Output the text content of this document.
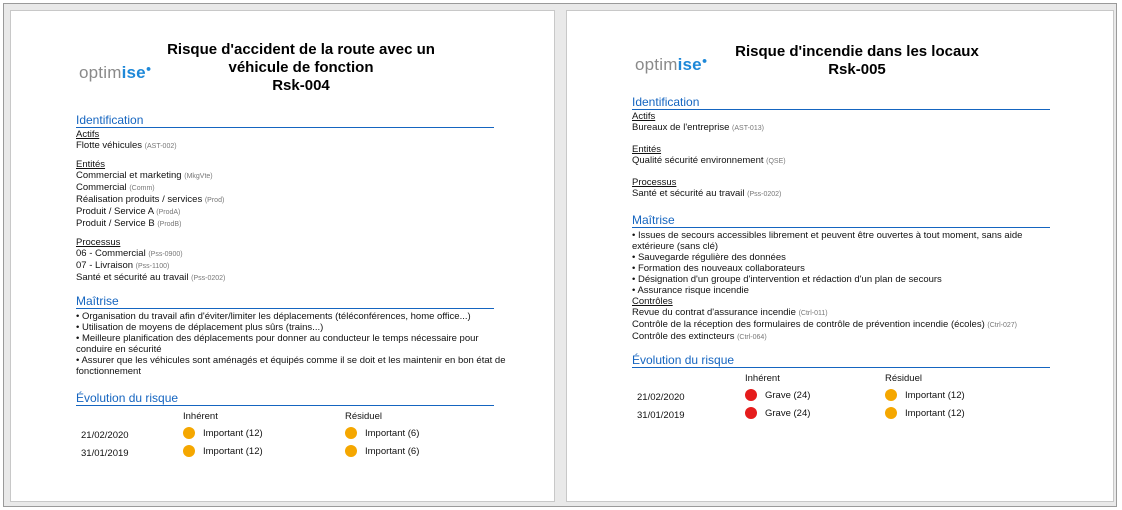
optimise●
Risque d'accident de la route avec un
véhicule de fonction
Rsk-004
Identification
Actifs
Flotte véhicules (AST-002)
Entités
Commercial et marketing (MkgVte)
Commercial (Comm)
Réalisation produits / services (Prod)
Produit / Service A (ProdA)
Produit / Service B (ProdB)
Processus
06 - Commercial (Pss-0900)
07 - Livraison (Pss-1100)
Santé et sécurité au travail (Pss-0202)
Maîtrise
• Organisation du travail afin d'éviter/limiter les déplacements (téléconférences, home office...)
• Utilisation de moyens de déplacement plus sûrs (trains...)
• Meilleure planification des déplacements pour donner au conducteur le temps nécessaire pour
conduire en sécurité
• Assurer que les véhicules sont aménagés et équipés comme il se doit et les maintenir en bon état de
fonctionnement
Évolution du risque
Inhérent	Résiduel
21/02/2020	Important (12)	Important (6)
31/01/2019	Important (12)	Important (6)
optimise●
Risque d'incendie dans les locaux
Rsk-005
Identification
Actifs
Bureaux de l'entreprise (AST-013)
Entités
Qualité sécurité environnement (QSE)
Processus
Santé et sécurité au travail (Pss-0202)
Maîtrise
• Issues de secours accessibles librement et peuvent être ouvertes à tout moment, sans aide
extérieure (sans clé)
• Sauvegarde régulière des données
• Formation des nouveaux collaborateurs
• Désignation d'un groupe d'intervention et rédaction d'un plan de secours
• Assurance risque incendie
Contrôles
Revue du contrat d'assurance incendie (Ctrl-011)
Contrôle de la réception des formulaires de contrôle de prévention incendie (écoles) (Ctrl-027)
Contrôle des extincteurs (Ctrl-064)
Évolution du risque
Inhérent	Résiduel
21/02/2020	Grave (24)	Important (12)
31/01/2019	Grave (24)	Important (12)
